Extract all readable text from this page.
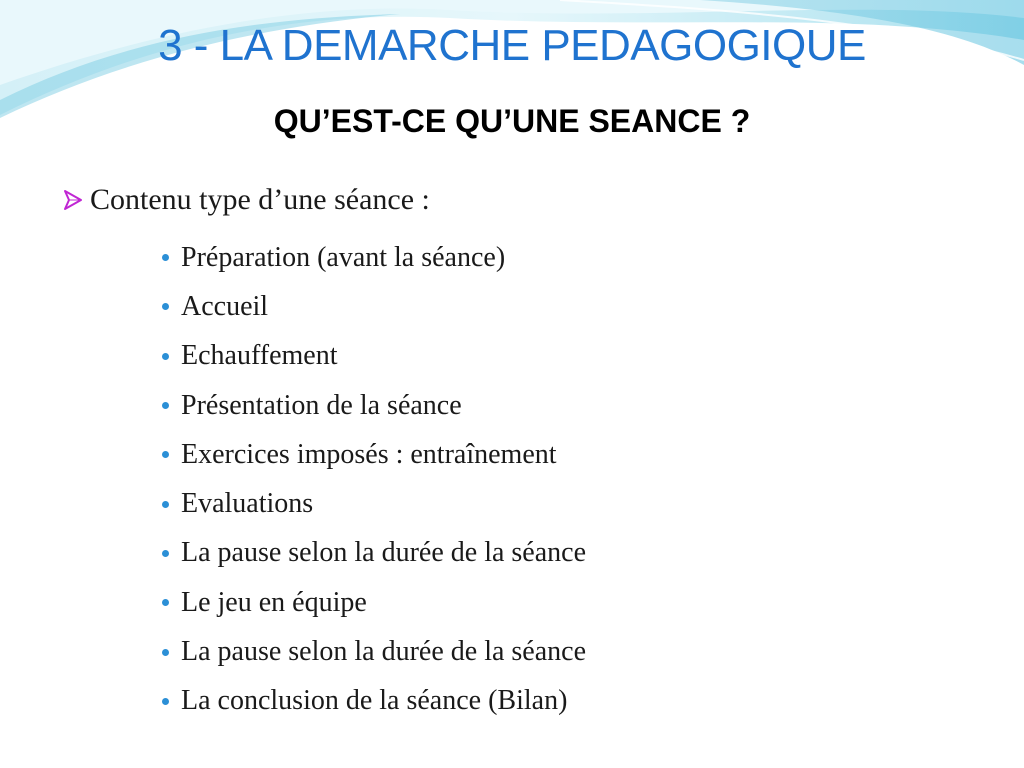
3 - LA DEMARCHE PEDAGOGIQUE
QU’EST-CE QU’UNE SEANCE ?
Contenu type d’une séance :
Préparation (avant la séance)
Accueil
Echauffement
Présentation de la séance
Exercices imposés : entraînement
Evaluations
La pause selon la durée de la séance
Le jeu en équipe
La pause selon la durée de la séance
La conclusion de la séance (Bilan)
